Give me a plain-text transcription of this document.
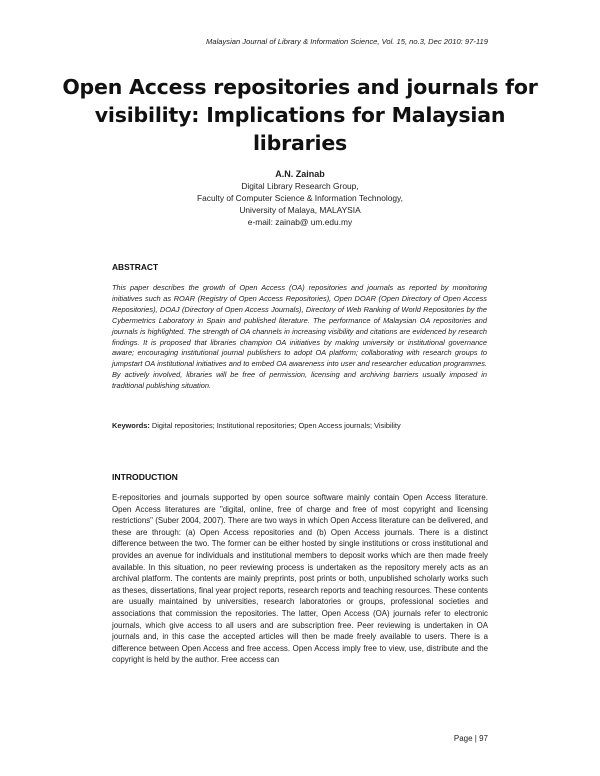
Malaysian Journal of Library & Information Science, Vol. 15, no.3, Dec 2010: 97-119
Open Access repositories and journals for visibility: Implications for Malaysian libraries
A.N. Zainab
Digital Library Research Group,
Faculty of Computer Science & Information Technology,
University of Malaya, MALAYSIA
e-mail: zainab@ um.edu.my
ABSTRACT
This paper describes the growth of Open Access (OA) repositories and journals as reported by monitoring initiatives such as ROAR (Registry of Open Access Repositories), Open DOAR (Open Directory of Open Access Repositories), DOAJ (Directory of Open Access Journals), Directory of Web Ranking of World Repositories by the Cybermetrics Laboratory in Spain and published literature. The performance of Malaysian OA repositories and journals is highlighted. The strength of OA channels in increasing visibility and citations are evidenced by research findings. It is proposed that libraries champion OA initiatives by making university or institutional governance aware; encouraging institutional journal publishers to adopt OA platform; collaborating with research groups to jumpstart OA institutional initiatives and to embed OA awareness into user and researcher education programmes. By actively involved, libraries will be free of permission, licensing and archiving barriers usually imposed in traditional publishing situation.
Keywords: Digital repositories; Institutional repositories; Open Access journals; Visibility
INTRODUCTION
E-repositories and journals supported by open source software mainly contain Open Access literature. Open Access literatures are "digital, online, free of charge and free of most copyright and licensing restrictions" (Suber 2004, 2007). There are two ways in which Open Access literature can be delivered, and these are through: (a) Open Access repositories and (b) Open Access journals. There is a distinct difference between the two. The former can be either hosted by single institutions or cross institutional and provides an avenue for individuals and institutional members to deposit works which are then made freely available. In this situation, no peer reviewing process is undertaken as the repository merely acts as an archival platform. The contents are mainly preprints, post prints or both, unpublished scholarly works such as theses, dissertations, final year project reports, research reports and teaching resources. These contents are usually maintained by universities, research laboratories or groups, professional societies and associations that commission the repositories. The latter, Open Access (OA) journals refer to electronic journals, which give access to all users and are subscription free. Peer reviewing is undertaken in OA journals and, in this case the accepted articles will then be made freely available to users. There is a difference between Open Access and free access. Open Access imply free to view, use, distribute and the copyright is held by the author. Free access can
Page | 97
